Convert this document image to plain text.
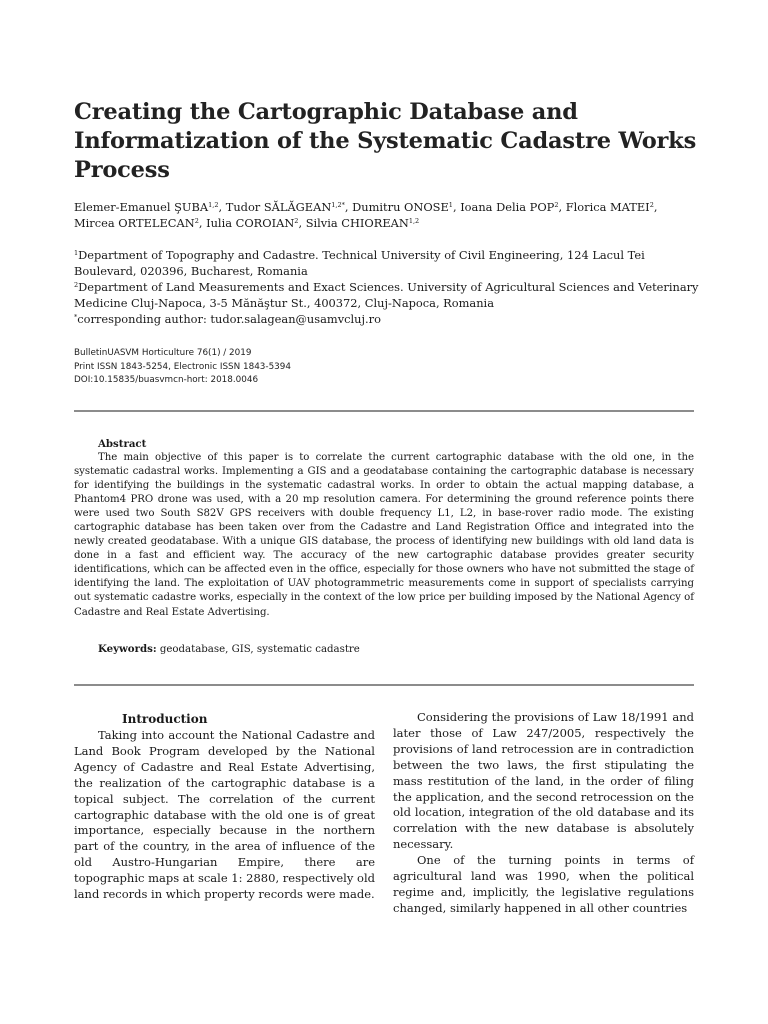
Creating the Cartographic Database and Informatization of the Systematic Cadastre Works Process

Elemer-Emanuel ŞUBA$^{1,2}$, Tudor $SĂLĂGEAN^{1,2*}$, Dumitru ONOSE$^1$, Ioana Delia POP$^2$, Florica MATEI$^2$,
Mircea ORTELECAN$^2$, Iulia COROIAN$^2$, Silvia CHIOREAN$^{1,2}$

$^1$Department of Topography and Cadastre. Technical University of Civil Engineering, 124 Lacul Tei Boulevard, 020396, Bucharest, Romania
$^2$Department of Land Measurements and Exact Sciences. University of Agricultural Sciences and Veterinary Medicine Cluj-Napoca, 3-5 Mănăştur St., 400372, Cluj-Napoca, Romania
*corresponding author: tudor.salagean@usamvcluj.ro
BulletinUASVM Horticulture 76(1) / 2019
Print ISSN 1843-5254, Electronic ISSN 1843-5394
DOI:10.15835/buasvmcn-hort: 2018.0046

Abstract

The main objective of this paper is to correlate the current cartographic database with the old one, in the systematic cadastral works. Implementing a GIS and a geodatabase containing the cartographic database is necessary for identifying the buildings in the systematic cadastral works. In order to obtain the actual mapping database, a Phantom4 PRO drone was used, with a 20 mp resolution camera. For determining the ground reference points there were used two South S82V GPS receivers with double frequency L1, L2, in base-rover radio mode. The existing cartographic database has been taken over from the Cadastre and Land Registration Office and integrated into the newly created geodatabase. With a unique GIS database, the process of identifying new buildings with old land data is done in a fast and efficient way. The accuracy of the new cartographic database provides greater security identifications, which can be affected even in the office, especially for those owners who have not submitted the stage of identifying the land. The exploitation of UAV photogrammetric measurements come in support of specialists carrying out systematic cadastre works, especially in the context of the low price per building imposed by the National Agency of Cadastre and Real Estate Advertising.

Keywords: geodatabase, GIS, systematic cadastre

Introduction

Taking into account the National Cadastre and Land Book Program developed by the National Agency of Cadastre and Real Estate Advertising, the realization of the cartographic database is a topical subject. The correlation of the current cartographic database with the old one is of great importance, especially because in the northern part of the country, in the area of influence of the old Austro-Hungarian Empire, there are topographic maps at scale 1: 2880, respectively old land records in which property records were made.

Considering the provisions of Law 18/1991 and later those of Law 247/2005, respectively the provisions of land retrocession are in contradiction between the two laws, the first stipulating the mass restitution of the land, in the order of filing the application, and the second retrocession on the old location, integration of the old database and its correlation with the new database is absolutely necessary.

One of the turning points in terms of agricultural land was 1990, when the political regime and, implicitly, the legislative regulations changed, similarly happened in all other countries
